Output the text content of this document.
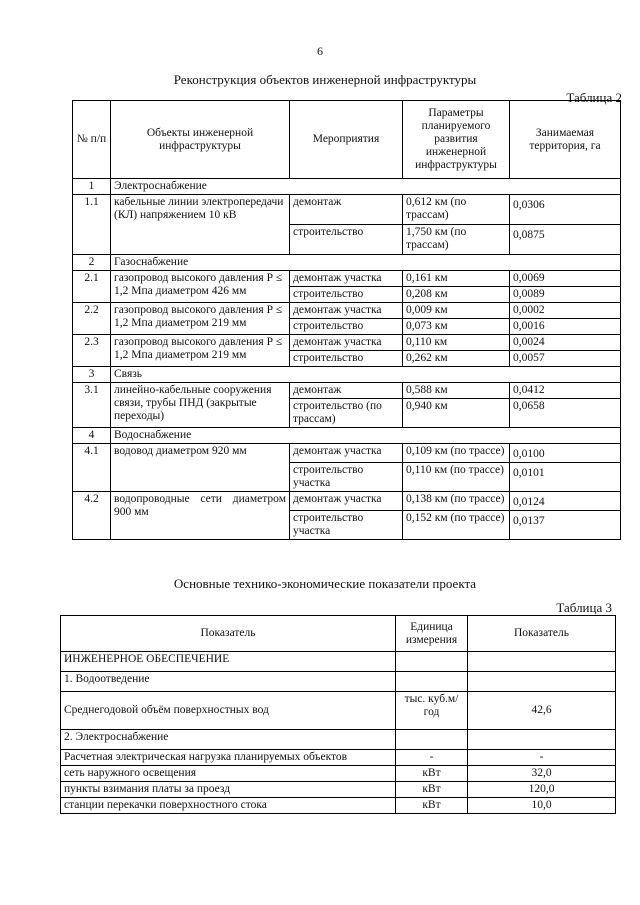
6
Реконструкция объектов инженерной инфраструктуры
Таблица 2
№ п/п	Объекты инженерной инфраструктуры	Мероприятия	Параметры планируемого развития инженерной инфраструктуры	Занимаемая территория, га
1	Электроснабжение			
1.1	кабельные линии электропередачи (КЛ) напряжением 10 кВ	демонтаж	0,612 км (по трассам)	0,0306
		строительство	1,750 км (по трассам)	0,0875
2	Газоснабжение			
2.1	газопровод высокого давления Р ≤ 1,2 Мпа диаметром 426 мм	демонтаж участка	0,161 км	0,0069
		строительство	0,208 км	0,0089
2.2	газопровод высокого давления Р ≤ 1,2 Мпа диаметром 219 мм	демонтаж участка	0,009 км	0,0002
		строительство	0,073 км	0,0016
2.3	газопровод высокого давления Р ≤ 1,2 Мпа диаметром 219 мм	демонтаж участка	0,110 км	0,0024
		строительство	0,262 км	0,0057
3	Связь			
3.1	линейно-кабельные сооружения связи, трубы ПНД (закрытые переходы)	демонтаж	0,588 км	0,0412
		строительство (по трассам)	0,940 км	0,0658
4	Водоснабжение			
4.1	водовод диаметром 920 мм	демонтаж участка	0,109 км (по трассе)	0,0100
		строительство участка	0,110 км (по трассе)	0,0101
4.2	водопроводные сети диаметром 900 мм	демонтаж участка	0,138 км (по трассе)	0,0124
		строительство участка	0,152 км (по трассе)	0,0137
Основные технико-экономические показатели проекта
Таблица 3
Показатель	Единица измерения	Показатель
ИНЖЕНЕРНОЕ ОБЕСПЕЧЕНИЕ		
1. Водоотведение		
Среднегодовой объём поверхностных вод	тыс. куб.м/год	42,6
2. Электроснабжение		
Расчетная электрическая нагрузка планируемых объектов	-	-
сеть наружного освещения	кВт	32,0
пункты взимания платы за проезд	кВт	120,0
станции перекачки поверхностного стока	кВт	10,0
